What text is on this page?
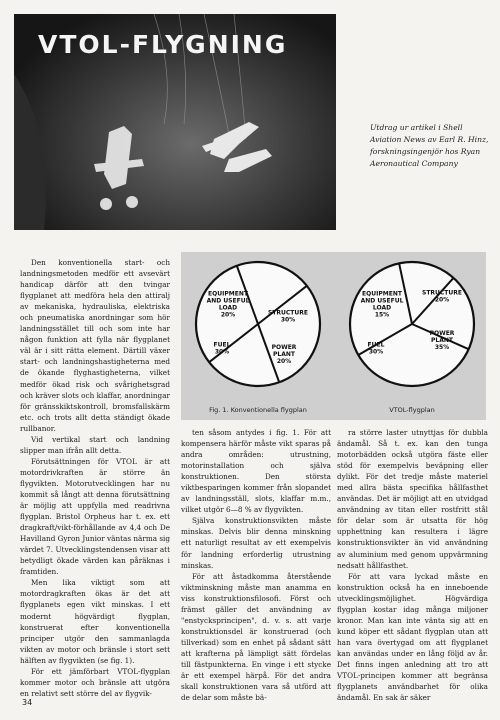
VTOL-FLYGNING
Utdrag ur artikel i Shell Aviation News av Earl R. Hinz, forskningsingenjör hos Ryan Aeronautical Company
EQUIPMENT
AND USEFUL
LOAD
20%	STRUCTURE
30%
POWER
PLANT
20%
FUEL
30%
Fig. 1. Konventionella flygplan
EQUIPMENT
AND USEFUL
LOAD
15%
STRUCTURE
20%
POWER
PLANT
35%
FUEL
30%
VTOL-flygplan

Den konventionella start- och landningsmetoden medför ett avsevärt handicap därför att den tvingar flygplanet att medföra hela den attiralj av mekaniska, hydrauliska, elektriska och pneumatiska anordningar som hör landningsstället till och som inte har någon funktion att fylla när flygplanet väl är i sitt rätta element. Därtill växer start- och landningshastigheterna med de ökande flyghastigheterna, vilket medför ökad risk och svårighetsgrad och kräver slots och klaffar, anordningar för gränsskiktskontroll, bromsfallskärm etc. och trots allt detta ständigt ökade rullbanor.

Vid vertikal start och landning slipper man ifrån allt detta.

Förutsättningen för VTOL är att motordrivkraften är större än flygvikten. Motorutvecklingen har nu kommit så långt att denna förutsättning är möjlig att uppfylla med readrivna flygplan. Bristol Orpheus har t. ex. ett dragkraft/vikt-förhållande av 4,4 och De Havilland Gyron Junior väntas närma sig värdet 7. Utvecklingstendensen visar att betydligt ökade värden kan påräknas i framtiden.

Men lika viktigt som att motordragkraften ökas är det att flygplanets egen vikt minskas. I ett modernt högvärdigt flygplan, konstruerat efter konventionella principer utgör den sammanlagda vikten av motor och bränsle i stort sett hälften av flygvikten (se fig. 1).

För ett jämförbart VTOL-flygplan kommer motor och bränsle att utgöra en relativt sett större del av flygvik-

ten såsom antydes i fig. 1. För att kompensera härför måste vikt sparas på andra områden: utrustning, motorinstallation och själva konstruktionen. Den största viktbesparingen kommer från slopandet av landningsställ, slots, klaffar m.m., vilket utgör 6—8 % av flygvikten.

Själva konstruktionsvikten måste minskas. Delvis blir denna minskning ett naturligt resultat av ett exempelvis för landning erforderlig utrustning minskas.

För att åstadkomma återstående viktminskning måste man anamma en viss konstruktionsfilosofi. Först och främst gäller det användning av "enstycksprincipen", d. v. s. att varje konstruktionsdel är konstruerad (och tillverkad) som en enhet på sådant sätt att krafterna på lämpligt sätt fördelas till fästpunkterna. En vinge i ett stycke är ett exempel härpå. För det andra skall konstruktionen vara så utförd att de delar som måste bä-

ra större laster utnyttjas för dubbla ändamål. Så t. ex. kan den tunga motorbädden också utgöra fäste eller stöd för exempelvis beväpning eller dylikt. För det tredje måste materiel med allra bästa specifika hållfasthet användas. Det är möjligt att en utvidgad användning av titan eller rostfritt stål för delar som är utsatta för hög upphettning kan resultera i lägre konstruktionsvikter än vid användning av aluminium med genom uppvärmning nedsatt hållfasthet.

För att vara lyckad måste en konstruktion också ha en inneboende utvecklingsmöjlighet. Högvärdiga flygplan kostar idag många miljoner kronor. Man kan inte vänta sig att en kund köper ett sådant flygplan utan att han vara övertygad om att flygplanet kan användas under en lång följd av år. Det finns ingen anledning att tro att VTOL-principen kommer att begränsa flygplanets användbarhet för olika ändamål. En sak är säker

34
